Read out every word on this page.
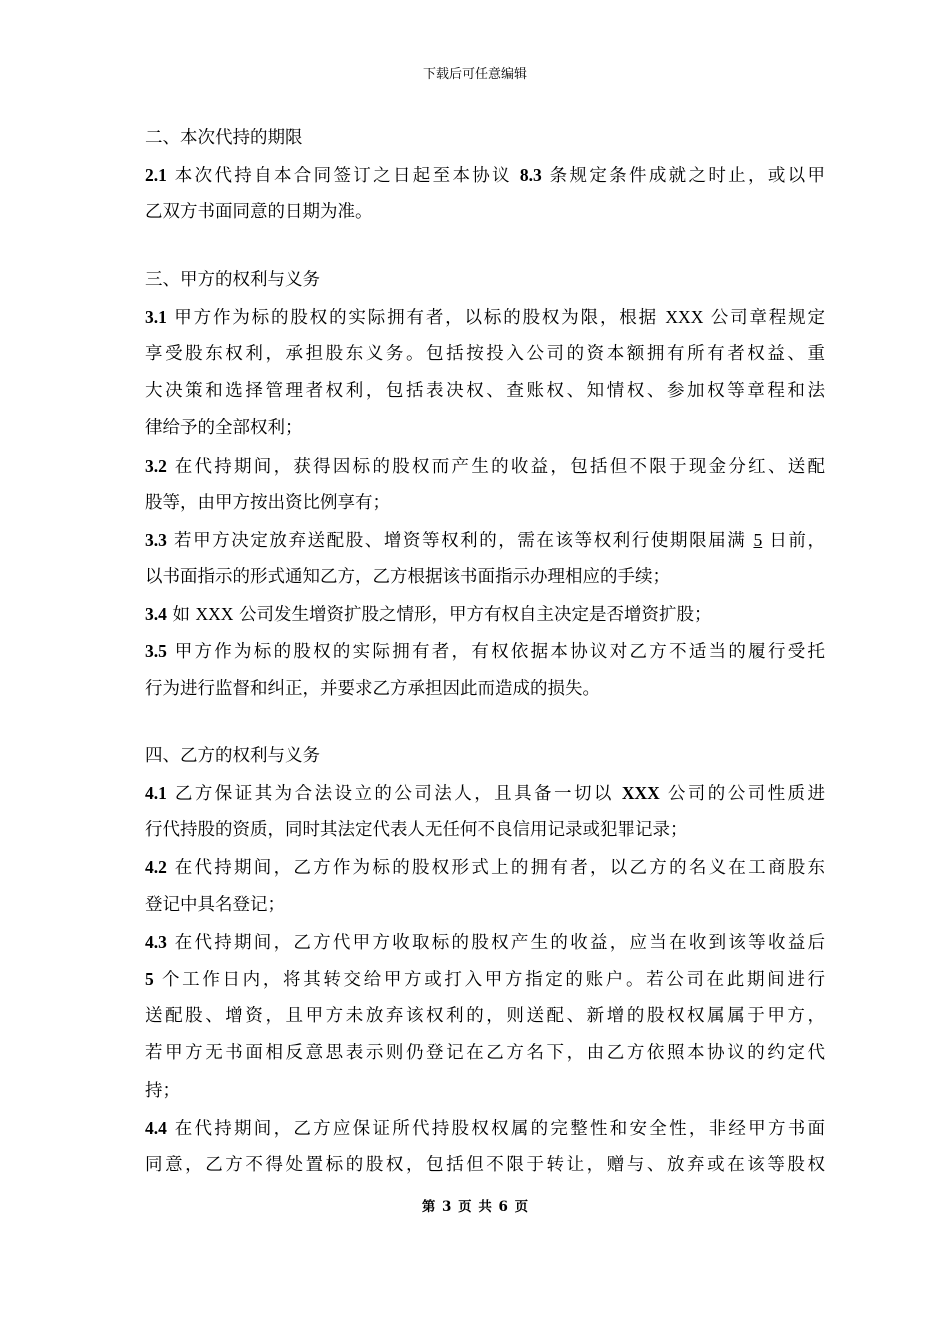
下载后可任意编辑
二、本次代持的期限
2.1 本次代持自本合同签订之日起至本协议 8.3 条规定条件成就之时止，或以甲
乙双方书面同意的日期为准。
三、甲方的权利与义务
3.1 甲方作为标的股权的实际拥有者，以标的股权为限，根据 XXX 公司章程规定
享受股东权利，承担股东义务。包括按投入公司的资本额拥有所有者权益、重
大决策和选择管理者权利，包括表决权、查账权、知情权、参加权等章程和法
律给予的全部权利；
3.2 在代持期间，获得因标的股权而产生的收益，包括但不限于现金分红、送配
股等，由甲方按出资比例享有；
3.3 若甲方决定放弃送配股、增资等权利的，需在该等权利行使期限届满 5 日前，
以书面指示的形式通知乙方，乙方根据该书面指示办理相应的手续；
3.4 如 XXX 公司发生增资扩股之情形，甲方有权自主决定是否增资扩股；
3.5 甲方作为标的股权的实际拥有者，有权依据本协议对乙方不适当的履行受托
行为进行监督和纠正，并要求乙方承担因此而造成的损失。
四、乙方的权利与义务
4.1 乙方保证其为合法设立的公司法人，且具备一切以 XXX 公司的公司性质进
行代持股的资质，同时其法定代表人无任何不良信用记录或犯罪记录；
4.2 在代持期间，乙方作为标的股权形式上的拥有者，以乙方的名义在工商股东
登记中具名登记；
4.3 在代持期间，乙方代甲方收取标的股权产生的收益，应当在收到该等收益后
5 个工作日内，将其转交给甲方或打入甲方指定的账户。若公司在此期间进行
送配股、增资，且甲方未放弃该权利的，则送配、新增的股权权属属于甲方，
若甲方无书面相反意思表示则仍登记在乙方名下，由乙方依照本协议的约定代
持；
4.4 在代持期间，乙方应保证所代持股权权属的完整性和安全性，非经甲方书面
同意，乙方不得处置标的股权，包括但不限于转让，赠与、放弃或在该等股权
第 3 页 共 6 页
